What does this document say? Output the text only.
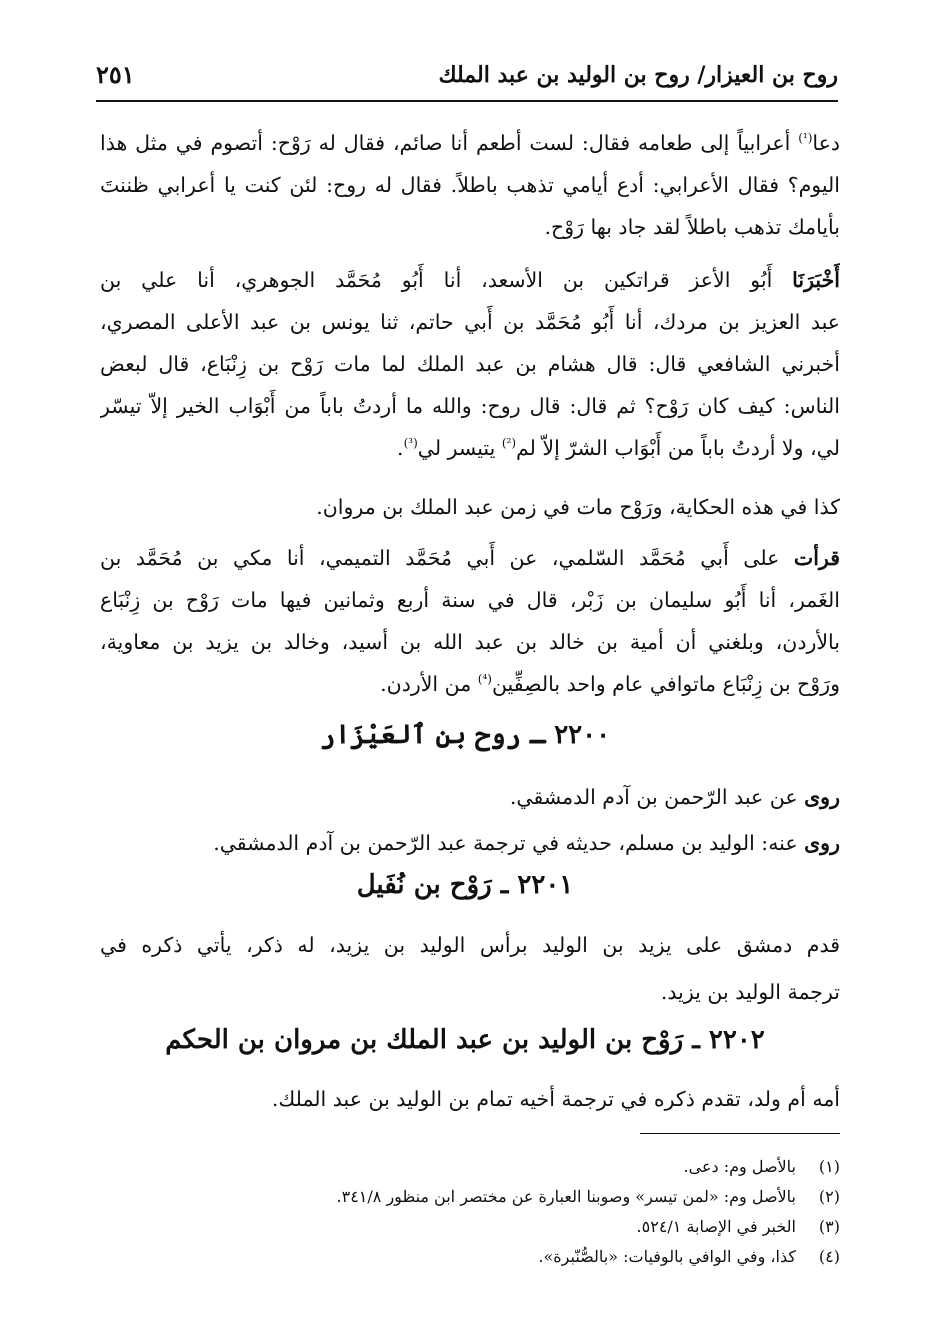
روح بن العيزار/ روح بن الوليد بن عبد الملك
٢٥١
دعا$^{(^1)}$ أعرابياً إلى طعامه فقال: لست أطعم أنا صائم، فقال له رَوْح: أتصوم في مثل هذا
اليوم؟ فقال الأعرابي: أدع أيامي تذهب باطلاً. فقال له روح: لئن كنت يا أعرابي ظننتَ
بأيامك تذهب باطلاً لقد جاد بها رَوْح.
أَخْبَرَنَا أَبُو الأعز قراتكين بن الأسعد، أنا أَبُو مُحَمَّد الجوهري، أنا علي بن
عبد العزيز بن مردك، أنا أَبُو مُحَمَّد بن أَبي حاتم، ثنا يونس بن عبد الأعلى المصري،
أخبرني الشافعي قال: قال هشام بن عبد الملك لما مات رَوْح بن زِنْبَاع، قال لبعض
الناس: كيف كان رَوْح؟ ثم قال: قال روح: والله ما أردتُ باباً من أَبْوَاب الخير إلاّ تيسّر
لي، ولا أردتُ باباً من أَبْوَاب الشرّ إلاّ لم$^{(^2)}$ يتيسر لي$^{(^3)}$.
كذا في هذه الحكاية، ورَوْح مات في زمن عبد الملك بن مروان.
قرأت على أَبي مُحَمَّد السّلمي، عن أَبي مُحَمَّد التميمي، أنا مكي بن مُحَمَّد بن
الغَمر، أنا أَبُو سليمان بن زَبْر، قال في سنة أربع وثمانين فيها مات رَوْح بن زِنْبَاع
بالأردن، وبلغني أن أمية بن خالد بن عبد الله بن أسيد، وخالد بن يزيد بن معاوية،
ورَوْح بن زِنْبَاع ماتوافي عام واحد بالصِفِّين$^{(^4)}$ من الأردن.
٢٢٠٠ ـ روح بن ٱلعَيْزَار
روى عن عبد الرّحمن بن آدم الدمشقي.
روى عنه: الوليد بن مسلم، حديثه في ترجمة عبد الرّحمن بن آدم الدمشقي.
٢٢٠١ ـ رَوْح بن نُفَيل
قدم دمشق على يزيد بن الوليد برأس الوليد بن يزيد، له ذكر، يأتي ذكره في
ترجمة الوليد بن يزيد.
٢٢٠٢ ـ رَوْح بن الوليد بن عبد الملك بن مروان بن الحكم
أمه أم ولد، تقدم ذكره في ترجمة أخيه تمام بن الوليد بن عبد الملك.
(١)بالأصل وم: دعى.
(٢)بالأصل وم: «لمن تيسر» وصوبنا العبارة عن مختصر ابن منظور ٣٤١/٨.
(٣)الخبر في الإصابة ٥٢٤/١.
(٤)كذا، وفي الوافي بالوفيات: «بالصُّنّبرة».
